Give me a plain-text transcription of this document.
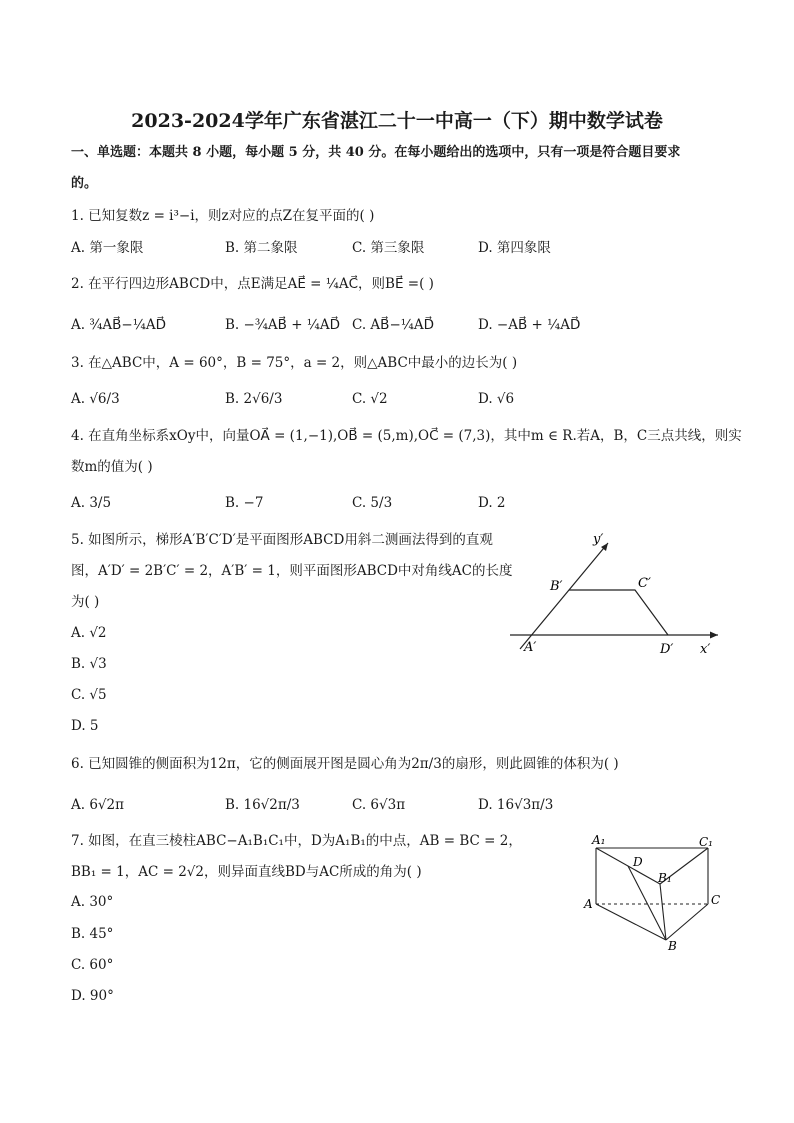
2023-2024学年广东省湛江二十一中高一（下）期中数学试卷
一、单选题：本题共 8 小题，每小题 5 分，共 40 分。在每小题给出的选项中，只有一项是符合题目要求
的。
1. 已知复数z = i³−i，则z对应的点Z在复平面的( )
A. 第一象限	B. 第二象限	C. 第三象限	D. 第四象限
2. 在平行四边形ABCD中，点E满足AE⃗ = ¼AC⃗，则BE⃗ =( )
A. ¾AB⃗−¼AD⃗	B. −¾AB⃗ + ¼AD⃗ C. AB⃗−¼AD⃗	D. −AB⃗ + ¼AD⃗
3. 在△ABC中，A = 60°，B = 75°，a = 2，则△ABC中最小的边长为( )
A. √6/3	B. 2√6/3	C. √2	D. √6
4. 在直角坐标系xOy中，向量OA⃗ = (1,−1),OB⃗ = (5,m),OC⃗ = (7,3)，其中m ∈ R.若A，B，C三点共线，则实
数m的值为( )
A. 3/5	B. −7	C. 5/3	D. 2
5. 如图所示，梯形A′B′C′D′是平面图形ABCD用斜二测画法得到的直观
图，A′D′ = 2B′C′ = 2，A′B′ = 1，则平面图形ABCD中对角线AC的长度
为( )
A. √2
B. √3
C. √5
D. 5
y′
B′	C′
A′	D′ x′
6. 已知圆锥的侧面积为12π，它的侧面展开图是圆心角为2π/3的扇形，则此圆锥的体积为( )
A. 6√2π	B. 16√2π/3	C. 6√3π	D. 16√3π/3
7. 如图，在直三棱柱ABC−A₁B₁C₁中，D为A₁B₁的中点，AB = BC = 2，
BB₁ = 1，AC = 2√2，则异面直线BD与AC所成的角为( )
A. 30°
B. 45°
C. 60°
D. 90°
A₁	C₁
D
B₁
A	C
B
